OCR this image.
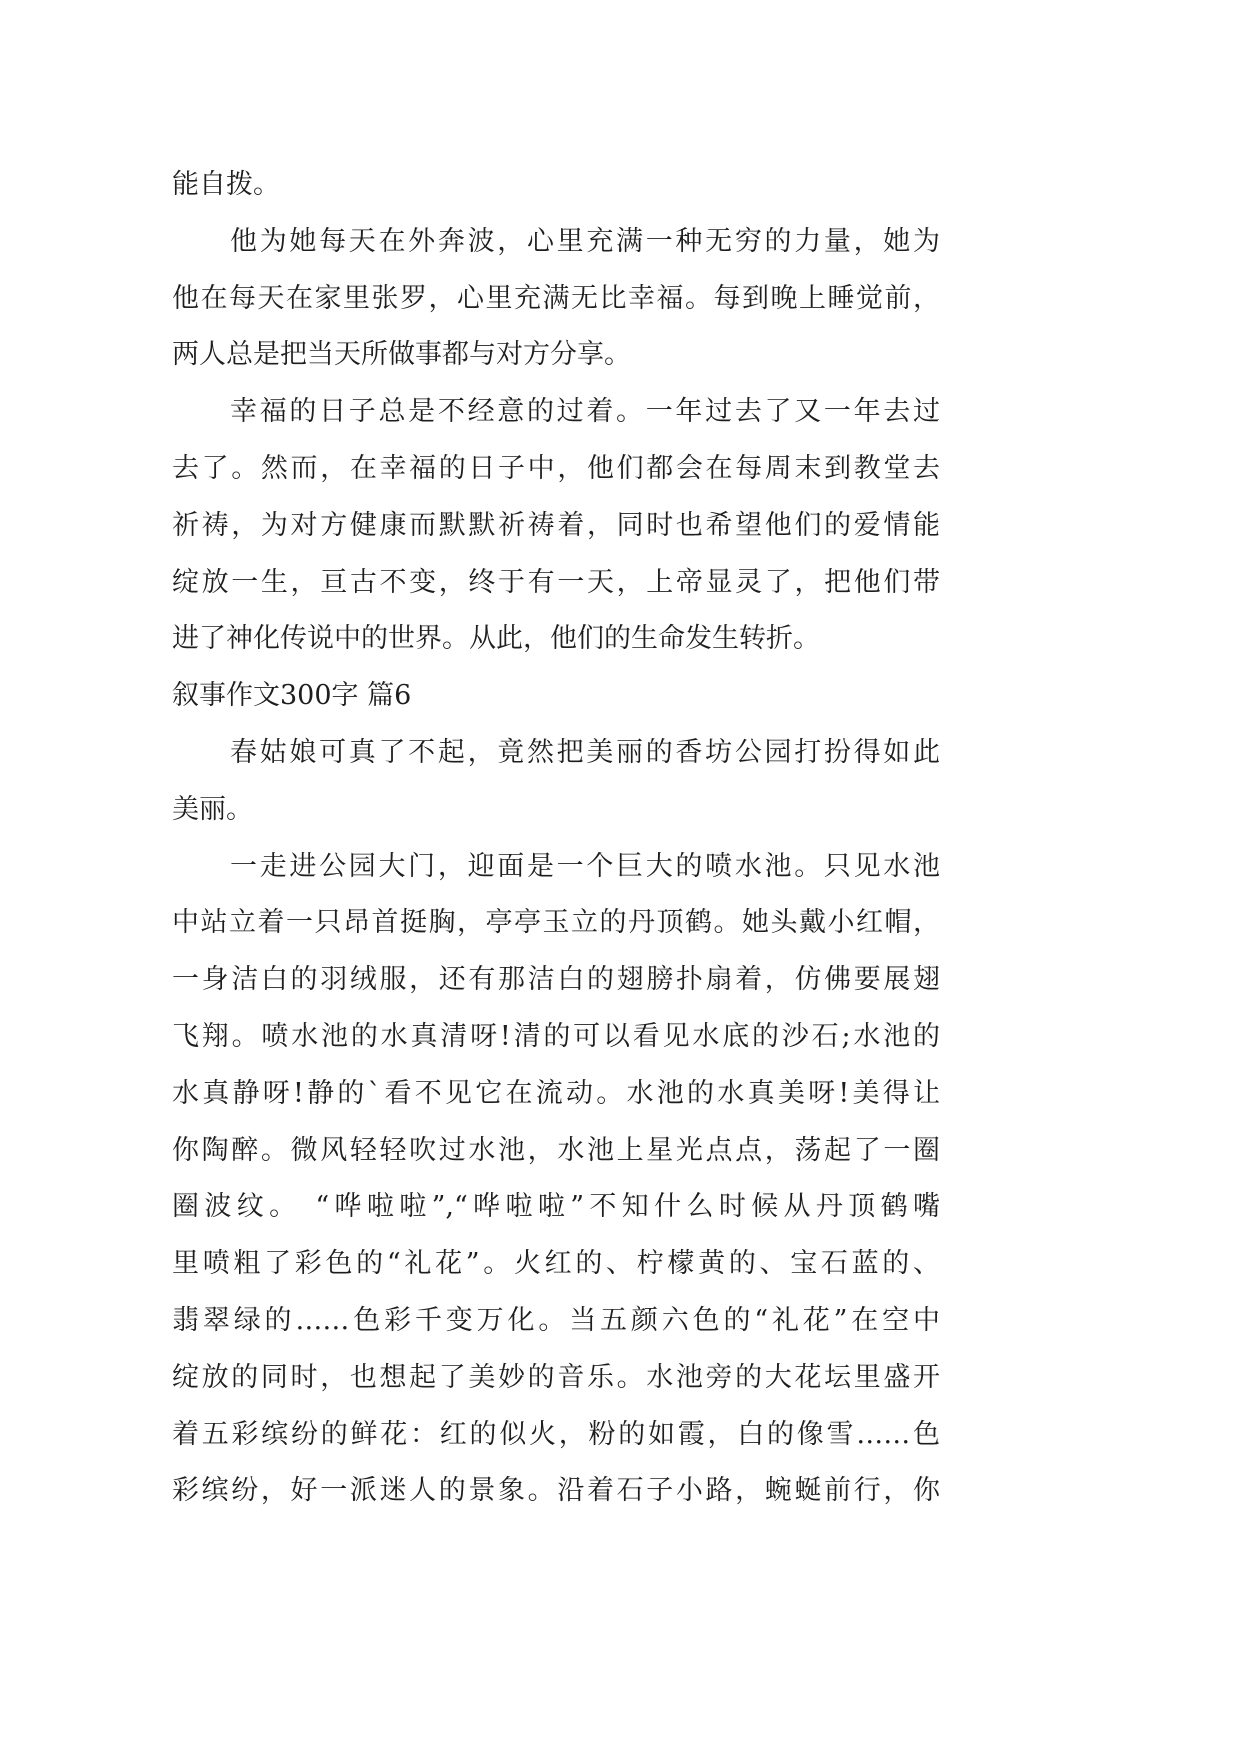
能自拨。
他为她每天在外奔波，心里充满一种无穷的力量，她为
他在每天在家里张罗，心里充满无比幸福。每到晚上睡觉前，
两人总是把当天所做事都与对方分享。
幸福的日子总是不经意的过着。一年过去了又一年去过
去了。然而，在幸福的日子中，他们都会在每周末到教堂去
祈祷，为对方健康而默默祈祷着，同时也希望他们的爱情能
绽放一生，亘古不变，终于有一天，上帝显灵了，把他们带
进了神化传说中的世界。从此，他们的生命发生转折。
叙事作文300字 篇6
春姑娘可真了不起，竟然把美丽的香坊公园打扮得如此
美丽。
一走进公园大门，迎面是一个巨大的喷水池。只见水池
中站立着一只昂首挺胸，亭亭玉立的丹顶鹤。她头戴小红帽，
一身洁白的羽绒服，还有那洁白的翅膀扑扇着，仿佛要展翅
飞翔。喷水池的水真清呀!清的可以看见水底的沙石;水池的
水真静呀!静的`看不见它在流动。水池的水真美呀!美得让
你陶醉。微风轻轻吹过水池，水池上星光点点，荡起了一圈
圈波纹。 “哗啦啦”,“哗啦啦”不知什么时候从丹顶鹤嘴
里喷粗了彩色的“礼花”。火红的、柠檬黄的、宝石蓝的、
翡翠绿的……色彩千变万化。当五颜六色的“礼花”在空中
绽放的同时，也想起了美妙的音乐。水池旁的大花坛里盛开
着五彩缤纷的鲜花：红的似火，粉的如霞，白的像雪……色
彩缤纷，好一派迷人的景象。沿着石子小路，蜿蜒前行，你
